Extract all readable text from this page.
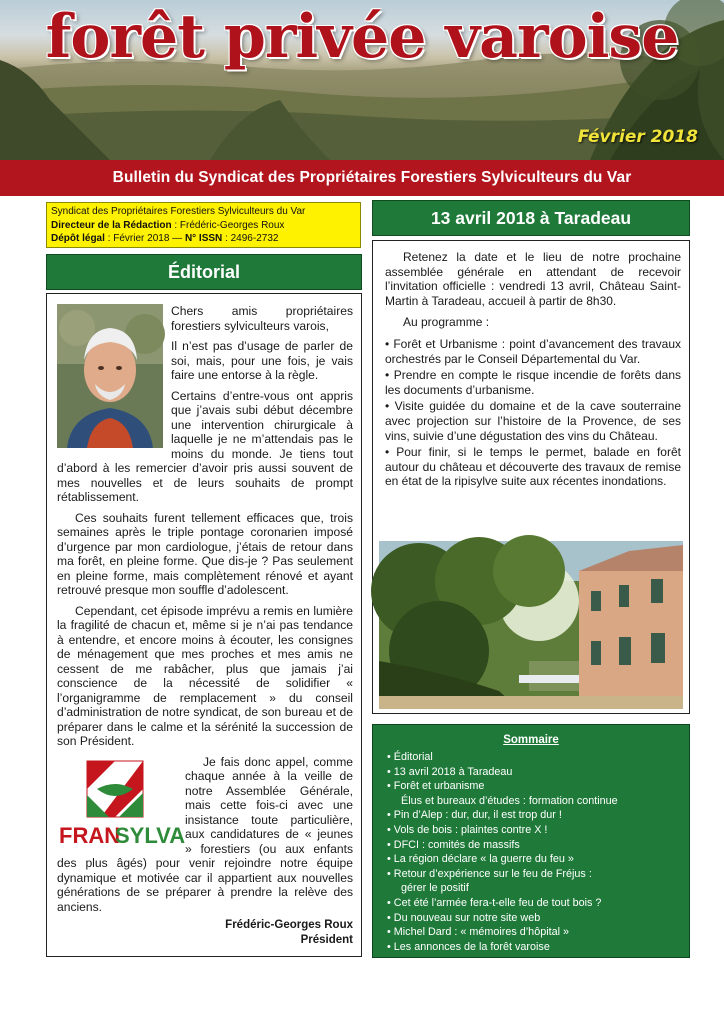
forêt privée varoise
Février 2018
Bulletin du Syndicat des Propriétaires Forestiers Sylviculteurs du Var
Syndicat des Propriétaires Forestiers Sylviculteurs du Var
Directeur de la Rédaction : Frédéric-Georges Roux
Dépôt légal : Février 2018 — N° ISSN : 2496-2732
Éditorial

Chers amis propriétaires forestiers sylviculteurs varois,

Il n’est pas d’usage de parler de soi, mais, pour une fois, je vais faire une entorse à la règle.

Certains d’entre-vous ont appris que j’avais subi début décembre une intervention chirurgicale à laquelle je ne m’attendais pas le moins du monde. Je tiens tout d’abord à les remercier d’avoir pris aussi souvent de mes nouvelles et de leurs souhaits de prompt rétablissement.

Ces souhaits furent tellement efficaces que, trois semaines après le triple pontage coronarien imposé d’urgence par mon cardiologue, j’étais de retour dans ma forêt, en pleine forme. Que dis-je ? Pas seulement en pleine forme, mais complètement rénové et ayant retrouvé presque mon souffle d’adolescent.

Cependant, cet épisode imprévu a remis en lumière la fragilité de chacun et, même si je n’ai pas tendance à entendre, et encore moins à écouter, les consignes de ménagement que mes proches et mes amis ne cessent de me rabâcher, plus que jamais j’ai conscience de la nécessité de solidifier « l’organigramme de remplacement » du conseil d’administration de notre syndicat, de son bureau et de préparer dans le calme et la sérénité la succession de son Président.

FRAN
SYLVA

Je fais donc appel, comme chaque année à la veille de notre Assemblée Générale, mais cette fois-ci avec une insistance toute particulière, aux candidatures de « jeunes » forestiers (ou aux enfants des plus âgés) pour venir rejoindre notre équipe dynamique et motivée car il appartient aux nouvelles générations de se préparer à prendre la relève des anciens.

Frédéric-Georges Roux
Président
13 avril 2018 à Taradeau

Retenez la date et le lieu de notre prochaine assemblée générale en attendant de recevoir l’invitation officielle : vendredi 13 avril, Château Saint-Martin à Taradeau, accueil à partir de 8h30.

Au programme :

• Forêt et Urbanisme : point d’avancement des travaux orchestrés par le Conseil Départemental du Var.
• Prendre en compte le risque incendie de forêts dans les documents d’urbanisme.
• Visite guidée du domaine et de la cave souterraine avec projection sur l’histoire de la Provence, de ses vins, suivie d’une dégustation des vins du Château.
• Pour finir, si le temps le permet, balade en forêt autour du château et découverte des travaux de remise en état de la ripisylve suite aux récentes inondations.
Sommaire
• Éditorial
• 13 avril 2018 à Taradeau
• Forêt et urbanisme
Élus et bureaux d’études : formation continue
• Pin d’Alep : dur, dur, il est trop dur !
• Vols de bois : plaintes contre X !
• DFCI : comités de massifs
• La région déclare « la guerre du feu »
• Retour d’expérience sur le feu de Fréjus :
gérer le positif
• Cet été l’armée fera-t-elle feu de tout bois ?
• Du nouveau sur notre site web
• Michel Dard : « mémoires d’hôpital »
• Les annonces de la forêt varoise
